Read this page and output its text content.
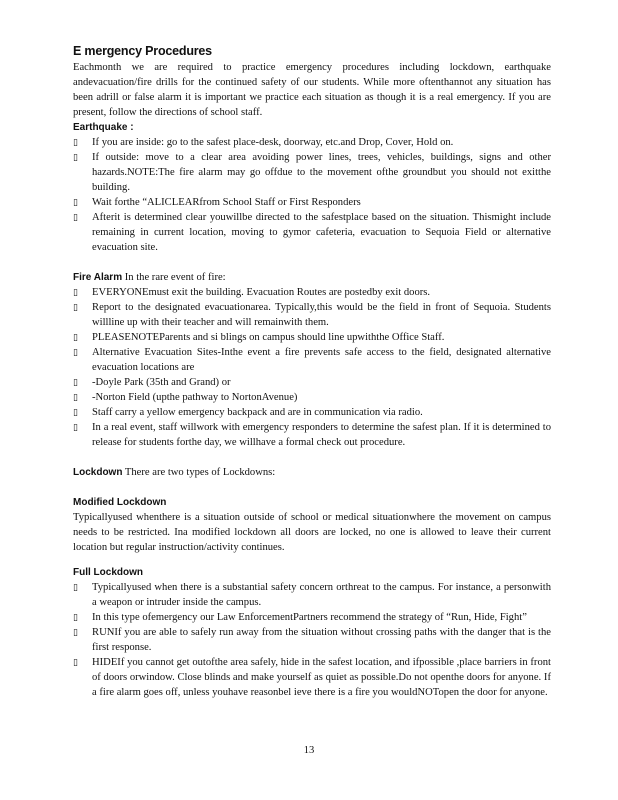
E mergency Procedures

Eachmonth we are required to practice emergency procedures including lockdown, earthquake andevacuation/fire drills for the continued safety of our students. While more oftenthannot any situation has been adrill or false alarm it is important we practice each situation as though it is a real emergency. If you are present, follow the directions of school staff.

Earthquake :
▯ If you are inside: go to the safest place-desk, doorway, etc.and Drop, Cover, Hold on.
▯ If outside: move to a clear area avoiding power lines, trees, vehicles, buildings, signs and other hazards.NOTE:The fire alarm may go offdue to the movement ofthe groundbut you should not exitthe building.
▯ Wait forthe “ALICLEARfrom School Staff or First Responders
▯ Afterit is determined clear youwillbe directed to the safestplace based on the situation. Thismight include remaining in current location, moving to gymor cafeteria, evacuation to Sequoia Field or alternative evacuation site.

Fire Alarm In the rare event of fire:

▯ EVERYONEmust exit the building. Evacuation Routes are postedby exit doors.
▯ Report to the designated evacuationarea. Typically,this would be the field in front of Sequoia. Students willline up with their teacher and will remainwith them.
▯ PLEASENOTEParents and si blings on campus should line upwiththe Office Staff.
▯ Alternative Evacuation Sites-Inthe event a fire prevents safe access to the field, designated alternative evacuation locations are
▯ -Doyle Park (35th and Grand) or
▯ -Norton Field (upthe pathway to NortonAvenue)
▯ Staff carry a yellow emergency backpack and are in communication via radio.
▯ In a real event, staff willwork with emergency responders to determine the safest plan. If it is determined to release for students forthe day, we willhave a formal check out procedure.

Lockdown There are two types of Lockdowns:

Modified Lockdown

Typicallyused whenthere is a situation outside of school or medical situationwhere the movement on campus needs to be restricted. Ina modified lockdown all doors are locked, no one is allowed to leave their current location but regular instruction/activity continues.

Full Lockdown
▯ Typicallyused when there is a substantial safety concern orthreat to the campus. For instance, a personwith a weapon or intruder inside the campus.
▯ In this type ofemergency our Law EnforcementPartners recommend the strategy of “Run, Hide, Fight”
▯ RUNIf you are able to safely run away from the situation without crossing paths with the danger that is the first response.
▯ HIDEIf you cannot get outofthe area safely, hide in the safest location, and ifpossible ,place barriers in front of doors orwindow. Close blinds and make yourself as quiet as possible.Do not openthe doors for anyone. If a fire alarm goes off, unless youhave reasonbel ieve there is a fire you wouldNOTopen the door for anyone.
13
